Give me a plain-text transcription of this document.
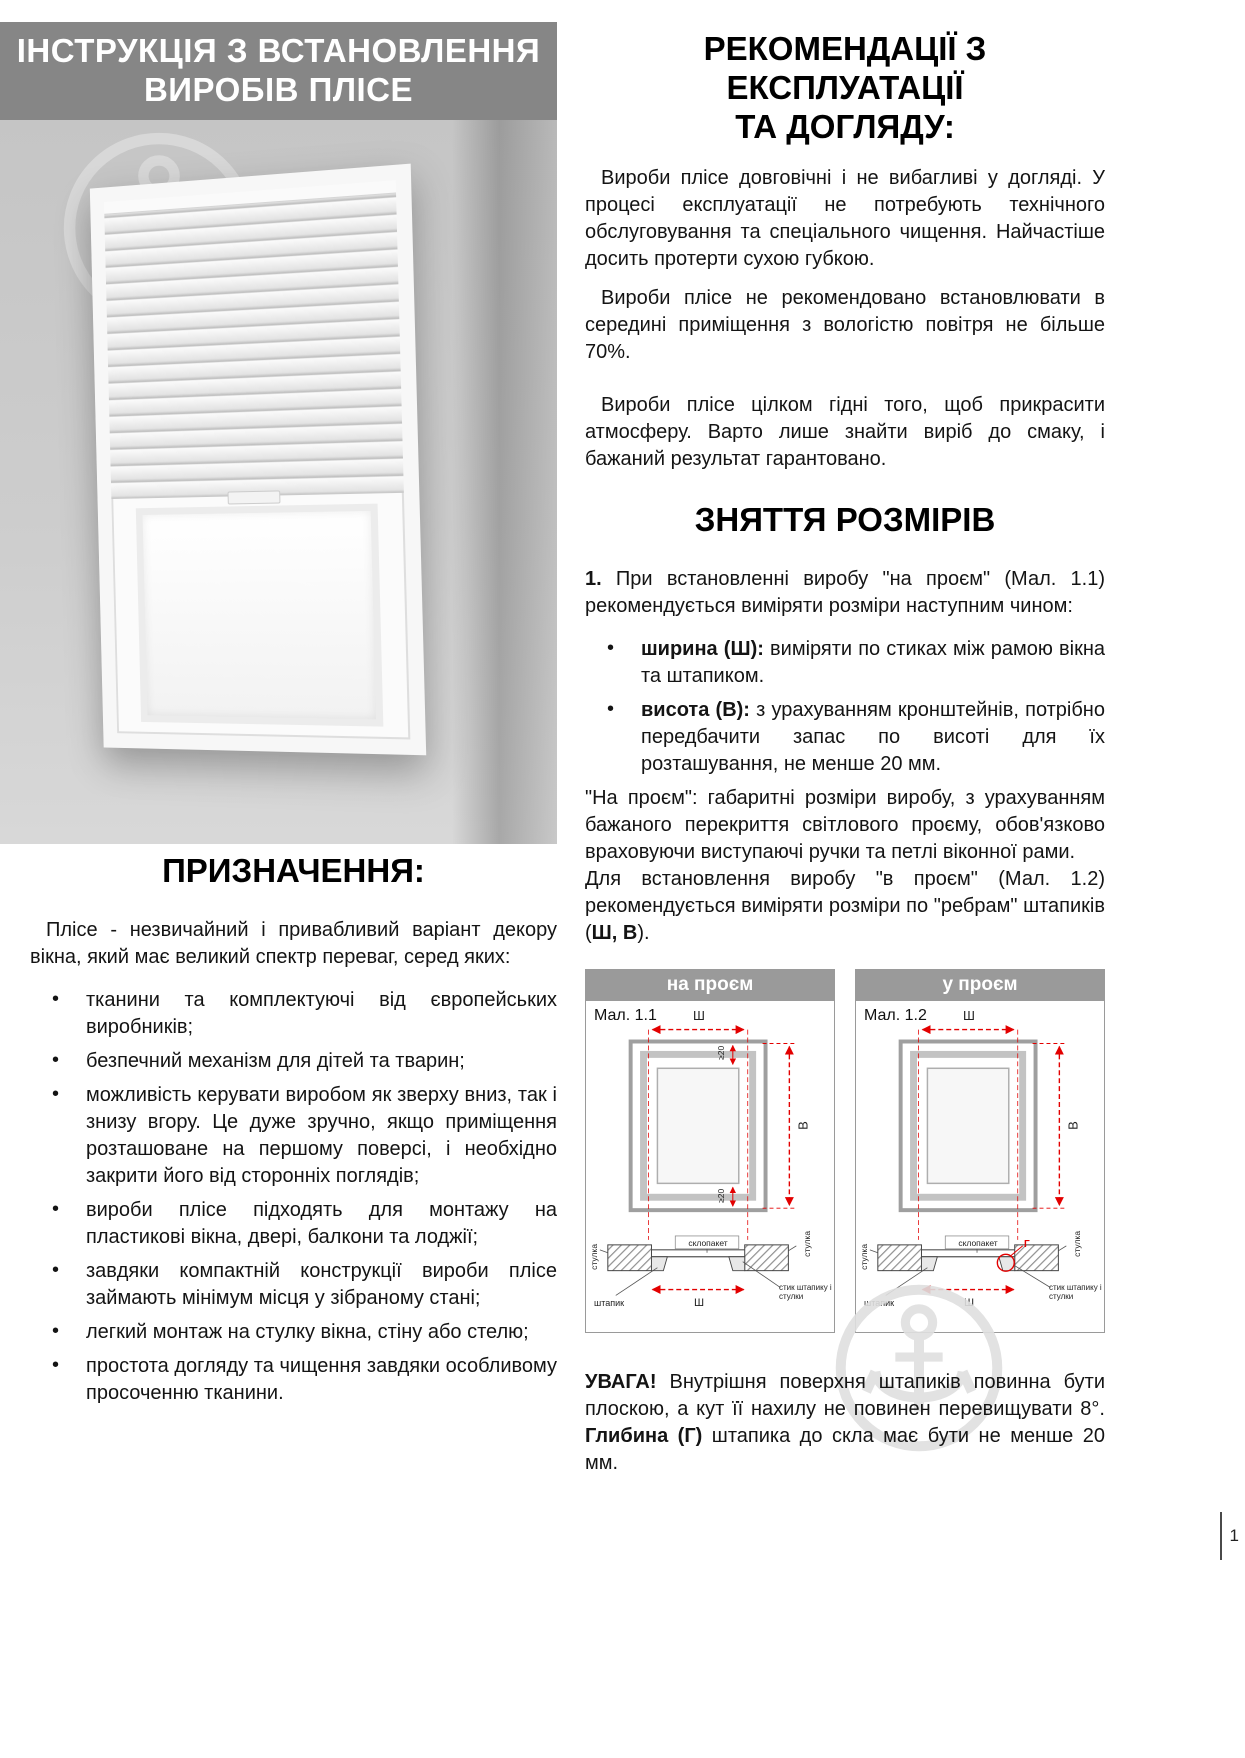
ІНСТРУКЦІЯ З ВСТАНОВЛЕННЯ
ВИРОБІВ ПЛІСЕ
ПРИЗНАЧЕННЯ:

Плісе - незвичайний і привабливий варіант декору вікна, який має великий спектр переваг, серед яких:

• тканини та комплектуючі від європейських виробників;
• безпечний механізм для дітей та тварин;
• можливість керувати виробом як зверху вниз, так і знизу вгору. Це дуже зручно, якщо приміщення розташоване на першому поверсі, і необхідно закрити його від сторонніх поглядів;
• вироби плісе підходять для монтажу на пластикові вікна, двері, балкони та лоджії;
• завдяки компактній конструкції вироби плісе займають мінімум місця у зібраному стані;
• легкий монтаж на стулку вікна, стіну або стелю;
• простота догляду та чищення завдяки особливому просоченню тканини.
РЕКОМЕНДАЦІЇ З ЕКСПЛУАТАЦІЇ
ТА ДОГЛЯДУ:

Вироби плісе довговічні і не вибагливі у догляді. У процесі експлуатації не потребують технічного обслуговування та спеціального чищення. Найчастіше досить протерти сухою губкою.

Вироби плісе не рекомендовано встановлювати в середині приміщення з вологістю повітря не більше 70%.

Вироби плісе цілком гідні того, щоб прикрасити атмосферу. Варто лише знайти виріб до смаку, і бажаний результат гарантовано.

ЗНЯТТЯ РОЗМІРІВ

1. При встановленні виробу "на проєм" (Мал. 1.1) рекомендується виміряти розміри наступним чином:

• ширина (Ш): виміряти по стиках між рамою вікна та штапиком.
• висота (В): з урахуванням кронштейнів, потрібно передбачити запас по висоті для їх розташування, не менше 20 мм.

"На проєм": габаритні розміри виробу, з урахуванням бажаного перекриття світлового проєму, обов'язково враховуючи виступаючі ручки та петлі віконної рами.

Для встановлення виробу "в проєм" (Мал. 1.2) рекомендується виміряти розміри по "ребрам" штапиків (Ш, В).

на проєм
Мал. 1.1	Ш
В
≥20
≥20
склопакет
стулка
стулка
штапик	Ш
стик штапику і стулки
у проєм
Мал. 1.2	Ш
В
склопакет
стулка
стулка
штапик
Г
Ш
стик штапику і стулки

УВАГА! Внутрішня поверхня штапиків повинна бути плоскою, а кут її нахилу не повинен перевищувати 8°. Глибина (Г) штапика до скла має бути не менше 20 мм.

1
